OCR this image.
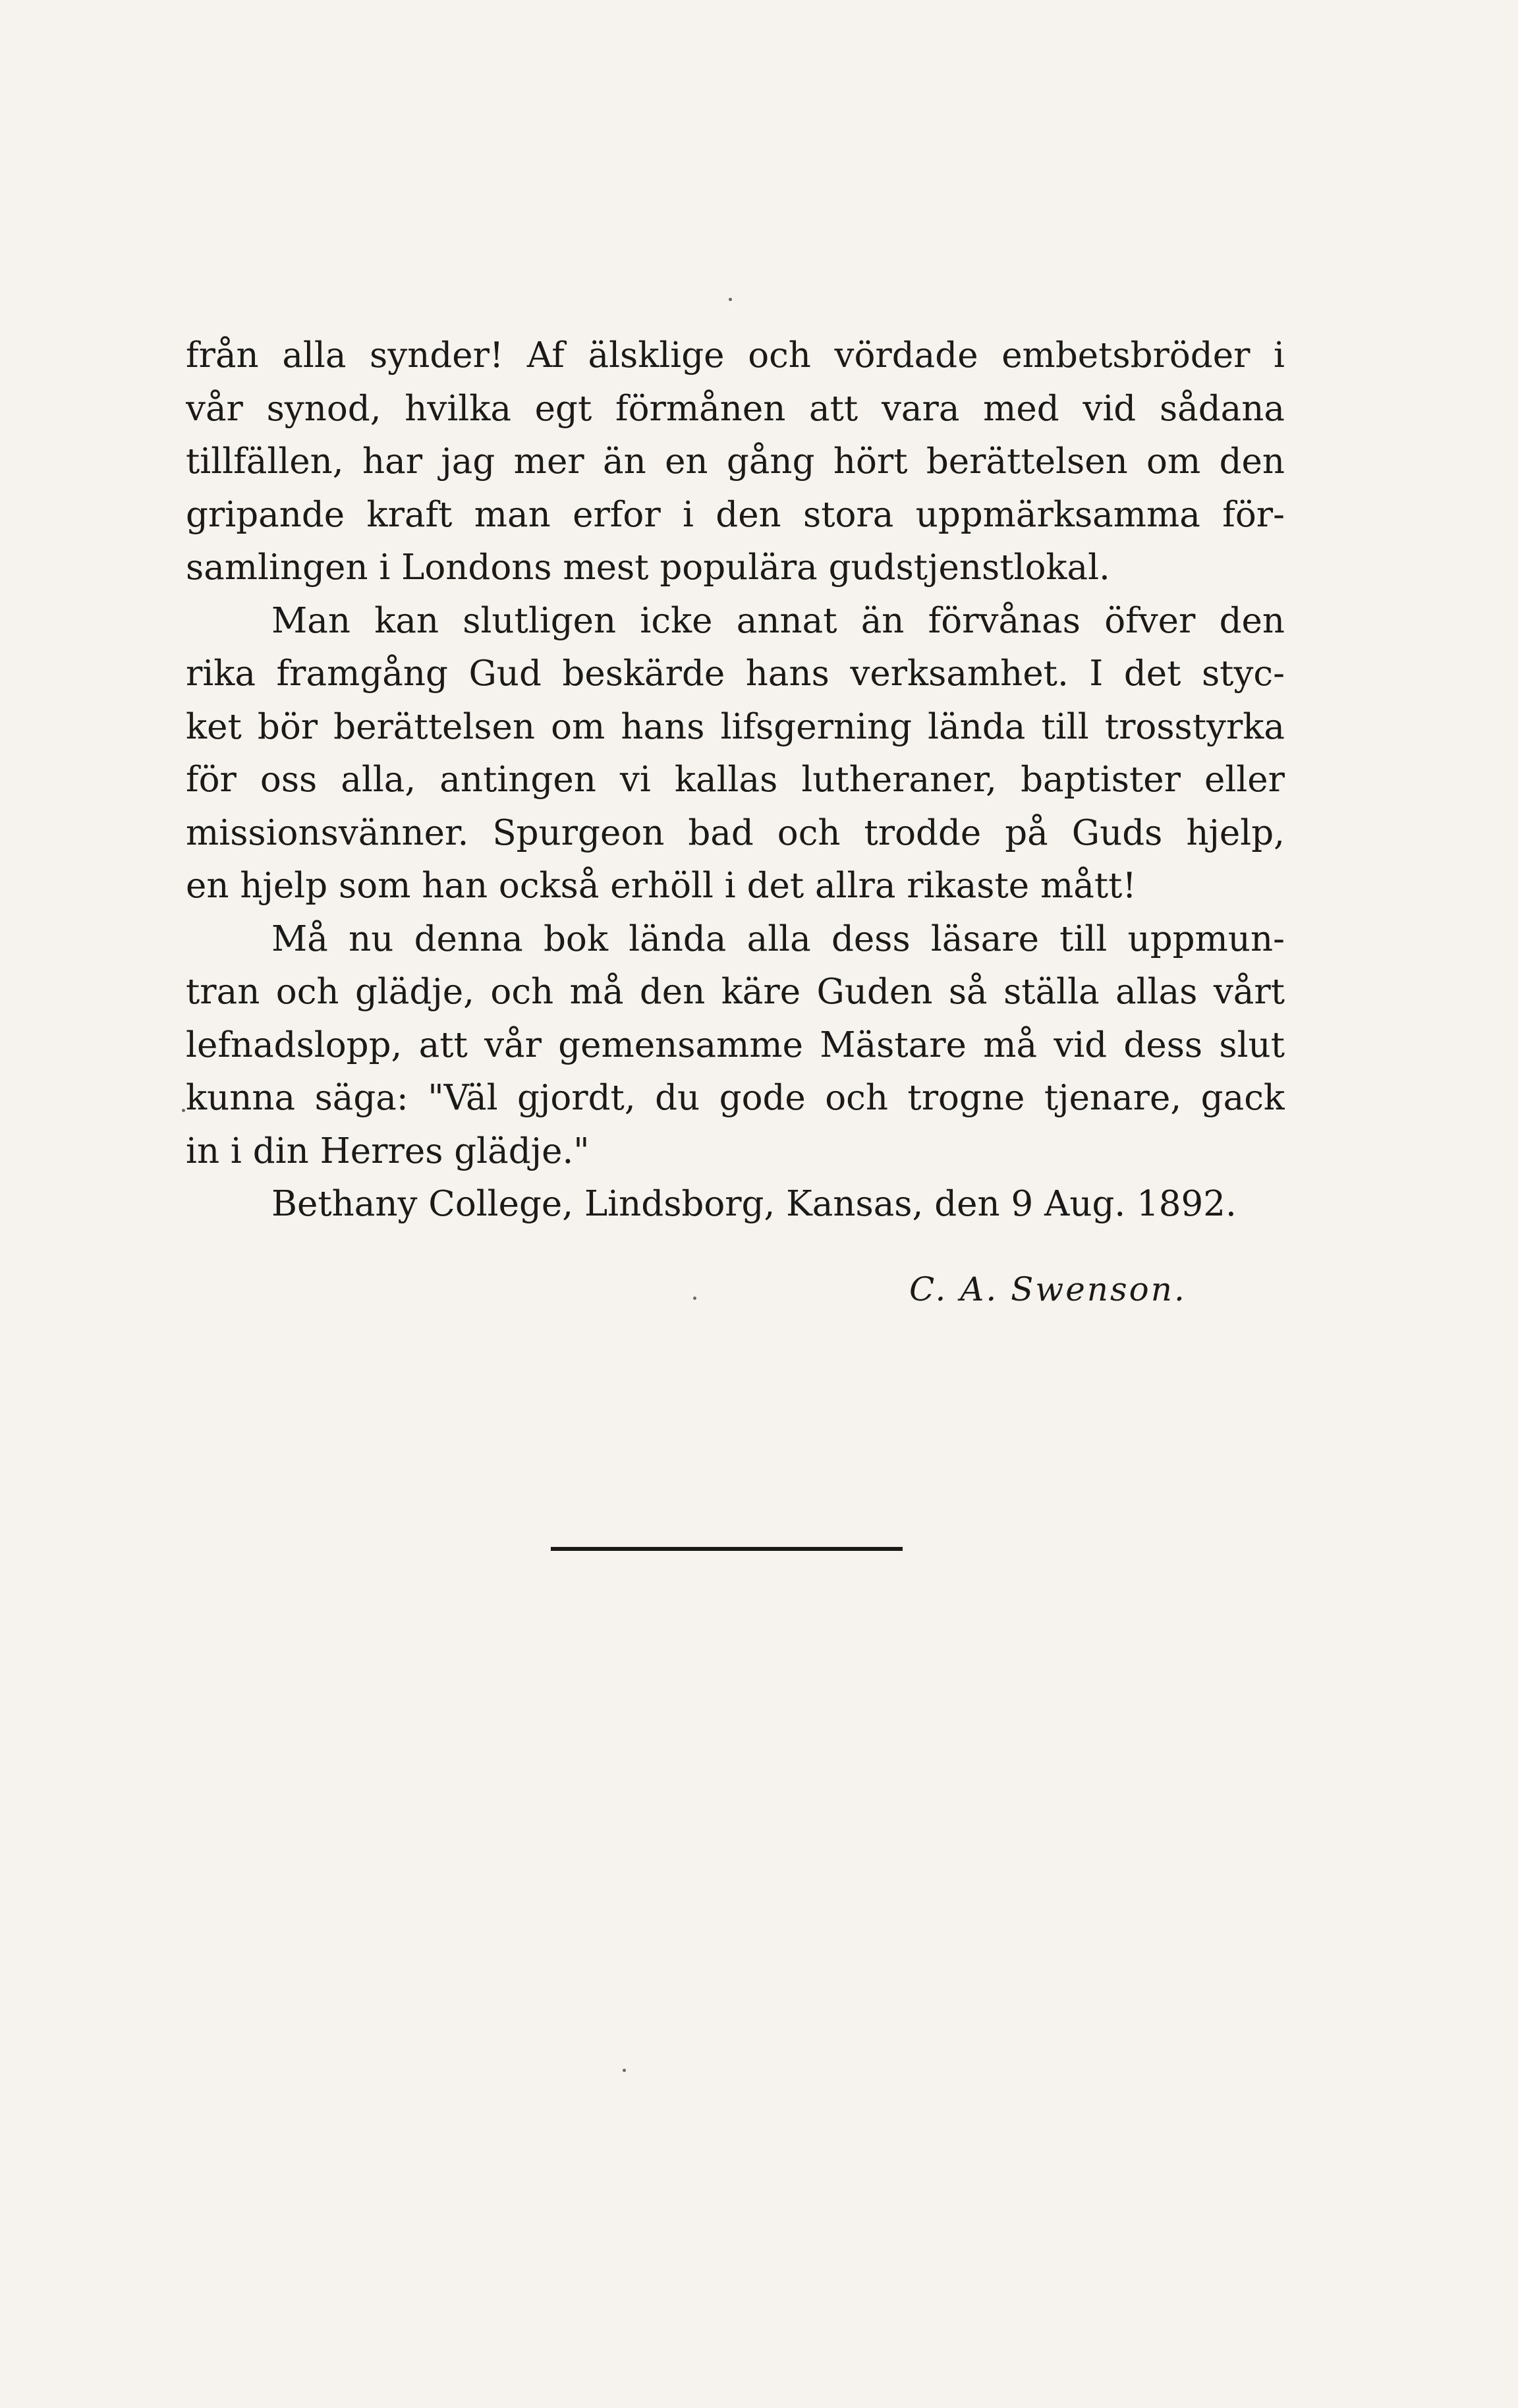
från alla synder! Af älsklige och vördade embetsbröder i
vår synod, hvilka egt förmånen att vara med vid sådana
tillfällen, har jag mer än en gång hört berättelsen om den
gripande kraft man erfor i den stora uppmärksamma för-
samlingen i Londons mest populära gudstjenstlokal.
Man kan slutligen icke annat än förvånas öfver den
rika framgång Gud beskärde hans verksamhet. I det styc-
ket bör berättelsen om hans lifsgerning lända till trosstyrka
för oss alla, antingen vi kallas lutheraner, baptister eller
missionsvänner. Spurgeon bad och trodde på Guds hjelp,
en hjelp som han också erhöll i det allra rikaste mått!
Må nu denna bok lända alla dess läsare till uppmun-
tran och glädje, och må den käre Guden så ställa allas vårt
lefnadslopp, att vår gemensamme Mästare må vid dess slut
kunna säga: "Väl gjordt, du gode och trogne tjenare, gack
in i din Herres glädje."
Bethany College, Lindsborg, Kansas, den 9 Aug. 1892.
C. A. Swenson.
